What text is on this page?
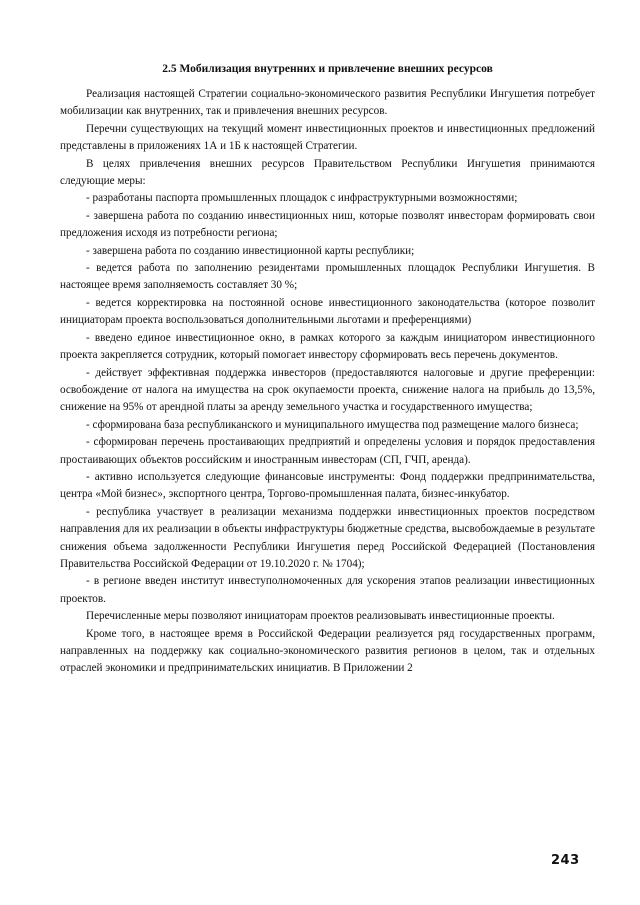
2.5 Мобилизация внутренних и привлечение внешних ресурсов

Реализация настоящей Стратегии социально-экономического развития Республики Ингушетия потребует мобилизации как внутренних, так и привлечения внешних ресурсов.

Перечни существующих на текущий момент инвестиционных проектов и инвестиционных предложений представлены в приложениях 1А и 1Б к настоящей Стратегии.

В целях привлечения внешних ресурсов Правительством Республики Ингушетия принимаются следующие меры:

- разработаны паспорта промышленных площадок с инфраструктурными возможностями;

- завершена работа по созданию инвестиционных ниш, которые позволят инвесторам формировать свои предложения исходя из потребности региона;

- завершена работа по созданию инвестиционной карты республики;

- ведется работа по заполнению резидентами промышленных площадок Республики Ингушетия. В настоящее время заполняемость составляет 30 %;

- ведется корректировка на постоянной основе инвестиционного законодательства (которое позволит инициаторам проекта воспользоваться дополнительными льготами и преференциями)

- введено единое инвестиционное окно, в рамках которого за каждым инициатором инвестиционного проекта закрепляется сотрудник, который помогает инвестору сформировать весь перечень документов.

- действует эффективная поддержка инвесторов (предоставляются налоговые и другие преференции: освобождение от налога на имущества на срок окупаемости проекта, снижение налога на прибыль до 13,5%, снижение на 95% от арендной платы за аренду земельного участка и государственного имущества;

- сформирована база республиканского и муниципального имущества под размещение малого бизнеса;

- сформирован перечень простаивающих предприятий и определены условия и порядок предоставления простаивающих объектов российским и иностранным инвесторам (СП, ГЧП, аренда).

- активно используется следующие финансовые инструменты: Фонд поддержки предпринимательства, центра «Мой бизнес», экспортного центра, Торгово-промышленная палата, бизнес-инкубатор.

- республика участвует в реализации механизма поддержки инвестиционных проектов посредством направления для их реализации в объекты инфраструктуры бюджетные средства, высвобождаемые в результате снижения объема задолженности Республики Ингушетия перед Российской Федерацией (Постановления Правительства Российской Федерации от 19.10.2020 г. № 1704);

- в регионе введен институт инвеступолномоченных для ускорения этапов реализации инвестиционных проектов.

Перечисленные меры позволяют инициаторам проектов реализовывать инвестиционные проекты.

Кроме того, в настоящее время в Российской Федерации реализуется ряд государственных программ, направленных на поддержку как социально-экономического развития регионов в целом, так и отдельных отраслей экономики и предпринимательских инициатив. В Приложении 2

243
